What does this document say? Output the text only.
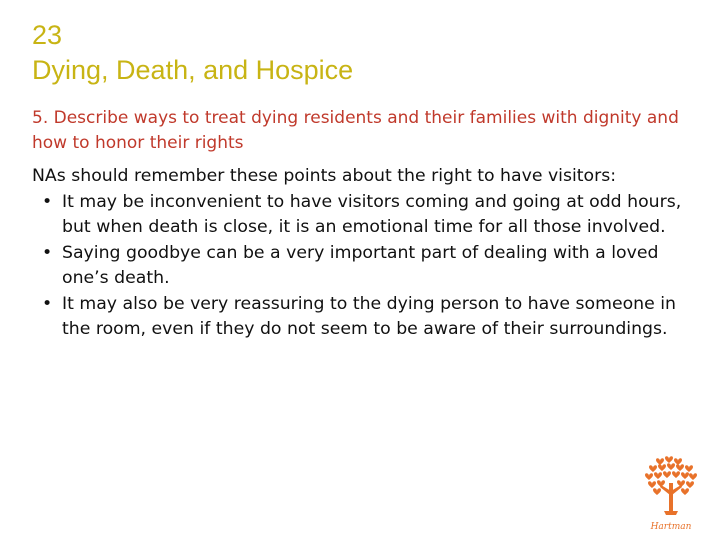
23
Dying, Death, and Hospice
5. Describe ways to treat dying residents and their families with dignity and how to honor their rights
NAs should remember these points about the right to have visitors:
• It may be inconvenient to have visitors coming and going at odd hours, but when death is close, it is an emotional time for all those involved.
• Saying goodbye can be a very important part of dealing with a loved one’s death.
• It may also be very reassuring to the dying person to have someone in the room, even if they do not seem to be aware of their surroundings.
Hartman
